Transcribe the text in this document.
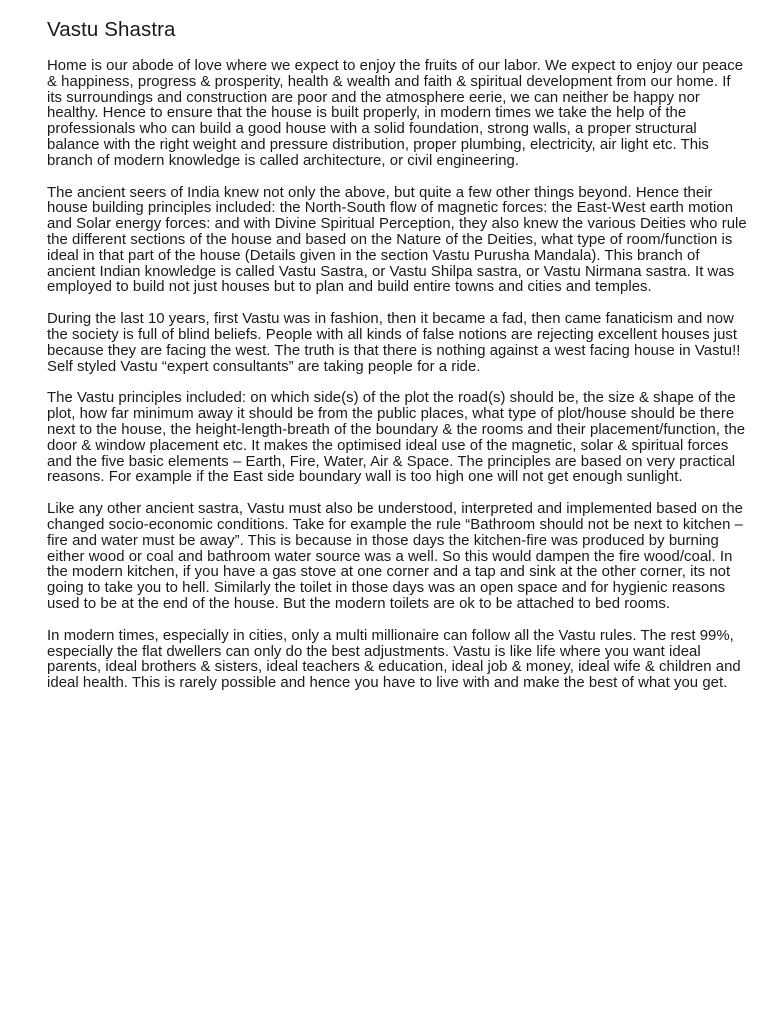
Vastu Shastra

Home is our abode of love where we expect to enjoy the fruits of our labor. We expect to enjoy our peace & happiness, progress & prosperity, health & wealth and faith & spiritual development from our home. If its surroundings and construction are poor and the atmosphere eerie, we can neither be happy nor healthy. Hence to ensure that the house is built properly, in modern times we take the help of the professionals who can build a good house with a solid foundation, strong walls, a proper structural balance with the right weight and pressure distribution, proper plumbing, electricity, air light etc. This branch of modern knowledge is called architecture, or civil engineering.

The ancient seers of India knew not only the above, but quite a few other things beyond. Hence their house building principles included: the North-South flow of magnetic forces: the East-West earth motion and Solar energy forces: and with Divine Spiritual Perception, they also knew the various Deities who rule the different sections of the house and based on the Nature of the Deities, what type of room/function is ideal in that part of the house (Details given in the section Vastu Purusha Mandala). This branch of ancient Indian knowledge is called Vastu Sastra, or Vastu Shilpa sastra, or Vastu Nirmana sastra. It was employed to build not just houses but to plan and build entire towns and cities and temples.

During the last 10 years, first Vastu was in fashion, then it became a fad, then came fanaticism and now the society is full of blind beliefs. People with all kinds of false notions are rejecting excellent houses just because they are facing the west. The truth is that there is nothing against a west facing house in Vastu!! Self styled Vastu “expert consultants” are taking people for a ride.

The Vastu principles included: on which side(s) of the plot the road(s) should be, the size & shape of the plot, how far minimum away it should be from the public places, what type of plot/house should be there next to the house, the height-length-breath of the boundary & the rooms and their placement/function, the door & window placement etc. It makes the optimised ideal use of the magnetic, solar & spiritual forces and the five basic elements – Earth, Fire, Water, Air & Space. The principles are based on very practical reasons. For example if the East side boundary wall is too high one will not get enough sunlight.

Like any other ancient sastra, Vastu must also be understood, interpreted and implemented based on the changed socio-economic conditions. Take for example the rule “Bathroom should not be next to kitchen – fire and water must be away”. This is because in those days the kitchen-fire was produced by burning either wood or coal and bathroom water source was a well. So this would dampen the fire wood/coal. In the modern kitchen, if you have a gas stove at one corner and a tap and sink at the other corner, its not going to take you to hell. Similarly the toilet in those days was an open space and for hygienic reasons used to be at the end of the house. But the modern toilets are ok to be attached to bed rooms.

In modern times, especially in cities, only a multi millionaire can follow all the Vastu rules. The rest 99%, especially the flat dwellers can only do the best adjustments. Vastu is like life where you want ideal parents, ideal brothers & sisters, ideal teachers & education, ideal job & money, ideal wife & children and ideal health. This is rarely possible and hence you have to live with and make the best of what you get.
